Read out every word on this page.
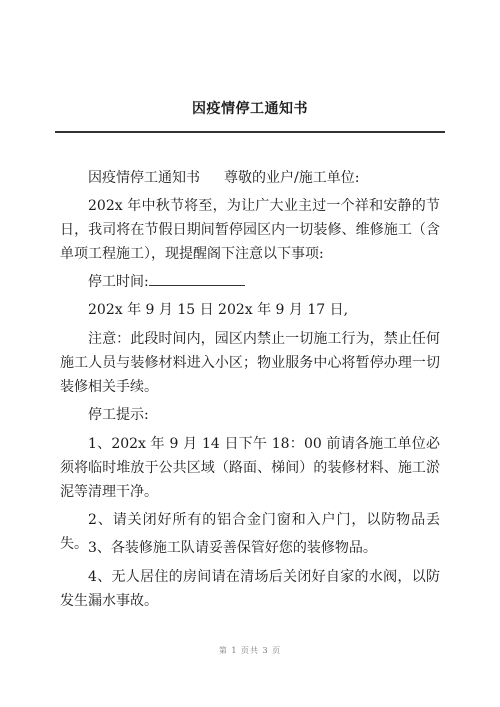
因疫情停工通知书

因疫情停工通知书 尊敬的业户/施工单位:

202x 年中秋节将至，为让广大业主过一个祥和安静的节日，我司将在节假日期间暂停园区内一切装修、维修施工（含单项工程施工），现提醒阁下注意以下事项:

停工时间:

202x 年 9 月 15 日 202x 年 9 月 17 日,

注意：此段时间内，园区内禁止一切施工行为，禁止任何施工人员与装修材料进入小区；物业服务中心将暂停办理一切装修相关手续。

停工提示:

1、202x 年 9 月 14 日下午 18：00 前请各施工单位必须将临时堆放于公共区域（路面、梯间）的装修材料、施工淤泥等清理干净。

2、请关闭好所有的铝合金门窗和入户门，以防物品丢失。 3、各装修施工队请妥善保管好您的装修物品。

4、无人居住的房间请在清场后关闭好自家的水阀，以防发生漏水事故。

第 1 页共 3 页
